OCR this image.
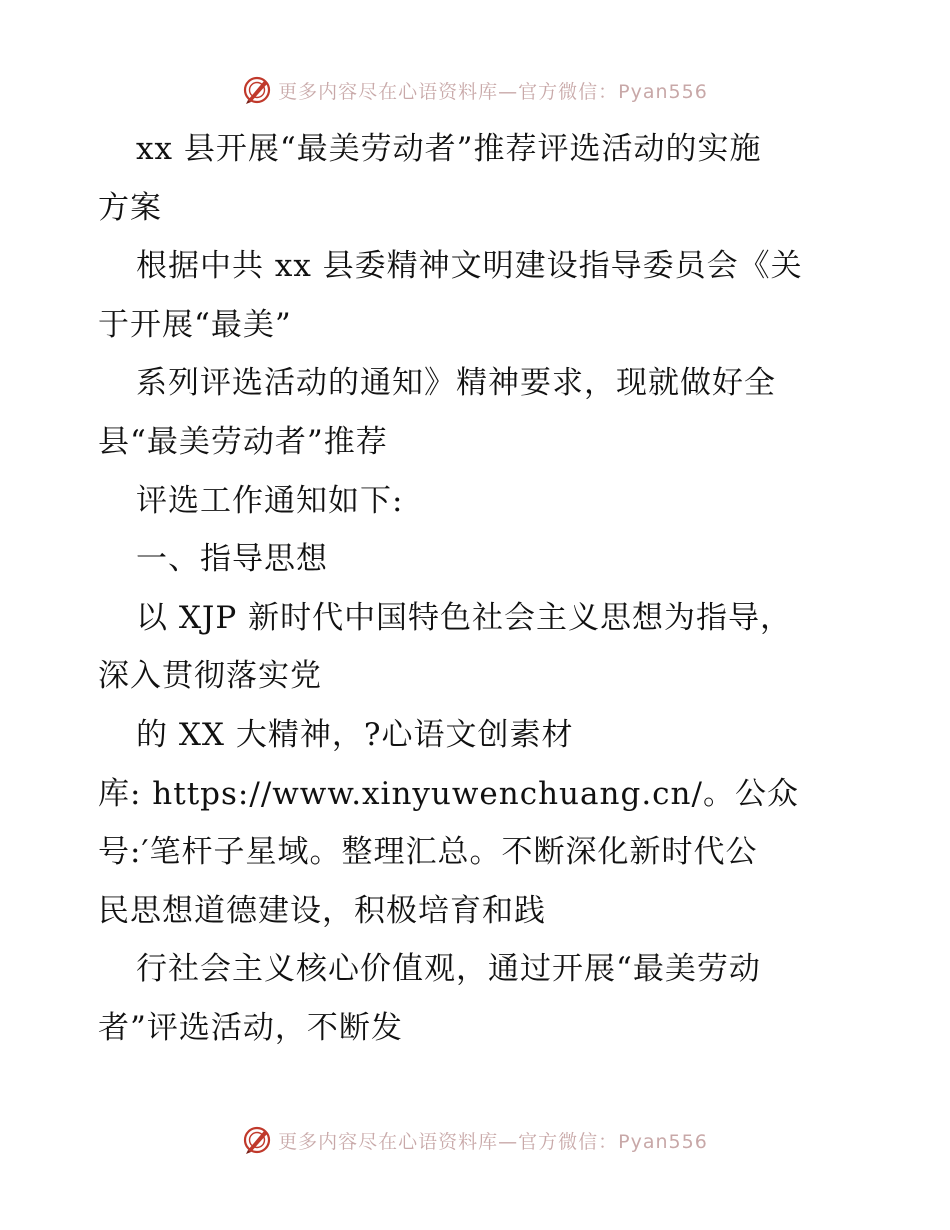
更多内容尽在心语资料库—官方微信：Pyan556
xx 县开展“最美劳动者”推荐评选活动的实施
方案
根据中共 xx 县委精神文明建设指导委员会《关
于开展“最美”
系列评选活动的通知》精神要求，现就做好全
县“最美劳动者”推荐
评选工作通知如下:
一、指导思想
以 XJP 新时代中国特色社会主义思想为指导，
深入贯彻落实党
的 XX 大精神，?心语文创素材
库: https://www.xinyuwenchuang.cn/。公众
号:′笔杆子星域。整理汇总。不断深化新时代公
民思想道德建设，积极培育和践
行社会主义核心价值观，通过开展“最美劳动
者”评选活动，不断发
更多内容尽在心语资料库—官方微信：Pyan556
